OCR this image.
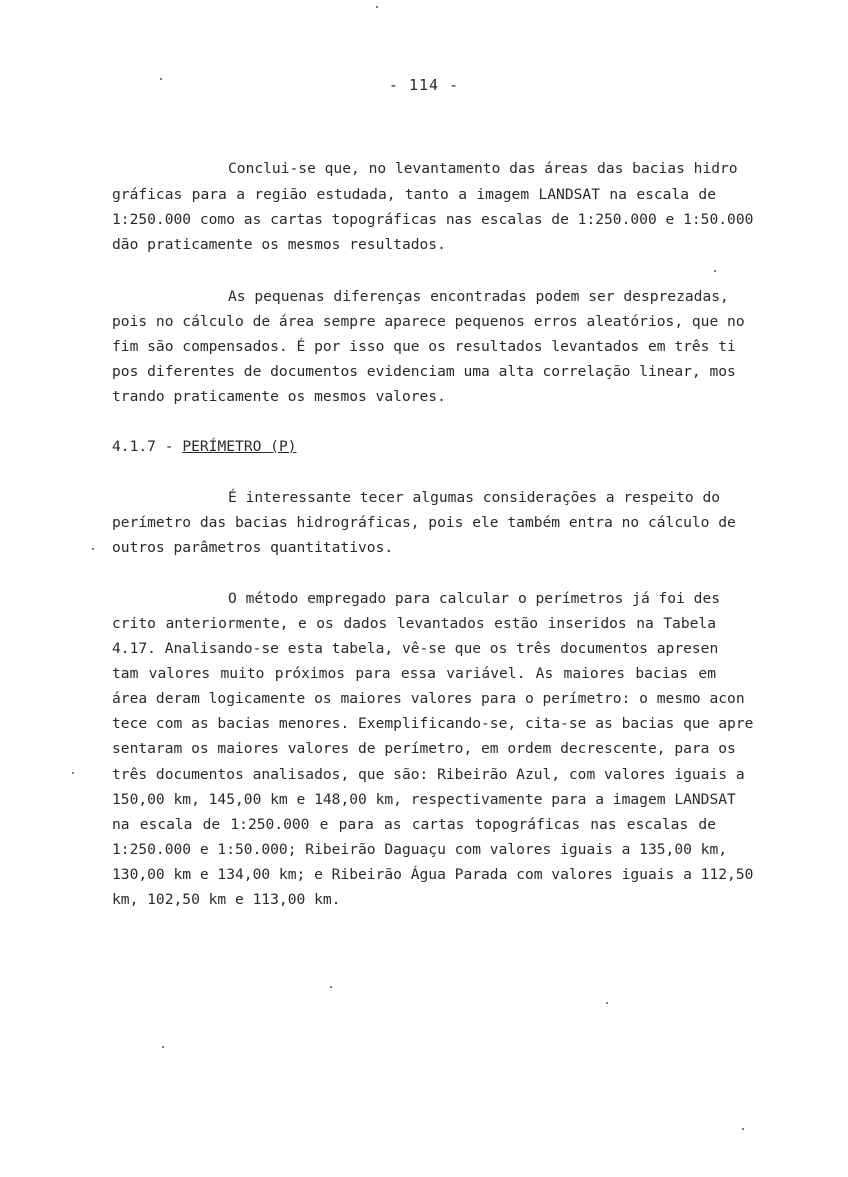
- 114 -
Conclui-se que, no levantamento das áreas das bacias hidro
gráficas para a região estudada, tanto a imagem LANDSAT na escala de
1:250.000 como as cartas topográficas nas escalas de 1:250.000 e 1:50.000
dão praticamente os mesmos resultados.
As pequenas diferenças encontradas podem ser desprezadas,
pois no cálculo de área sempre aparece pequenos erros aleatórios, que no
fim são compensados. É por isso que os resultados levantados em três ti
pos diferentes de documentos evidenciam uma alta correlação linear, mos
trando praticamente os mesmos valores.
4.1.7 - PERÍMETRO (P)
É interessante tecer algumas considerações a respeito do
perímetro das bacias hidrográficas, pois ele também entra no cálculo de
outros parâmetros quantitativos.
O método empregado para calcular o perímetros já foi des
crito anteriormente, e os dados levantados estão inseridos na Tabela
4.17. Analisando-se esta tabela, vê-se que os três documentos apresen
tam valores muito próximos para essa variável. As maiores bacias em
área deram logicamente os maiores valores para o perímetro: o mesmo acon
tece com as bacias menores. Exemplificando-se, cita-se as bacias que apre
sentaram os maiores valores de perímetro, em ordem decrescente, para os
três documentos analisados, que são: Ribeirão Azul, com valores iguais a
150,00 km, 145,00 km e 148,00 km, respectivamente para a imagem LANDSAT
na escala de 1:250.000 e para as cartas topográficas nas escalas de
1:250.000 e 1:50.000; Ribeirão Daguaçu com valores iguais a 135,00 km,
130,00 km e 134,00 km; e Ribeirão Água Parada com valores iguais a 112,50
km, 102,50 km e 113,00 km.
